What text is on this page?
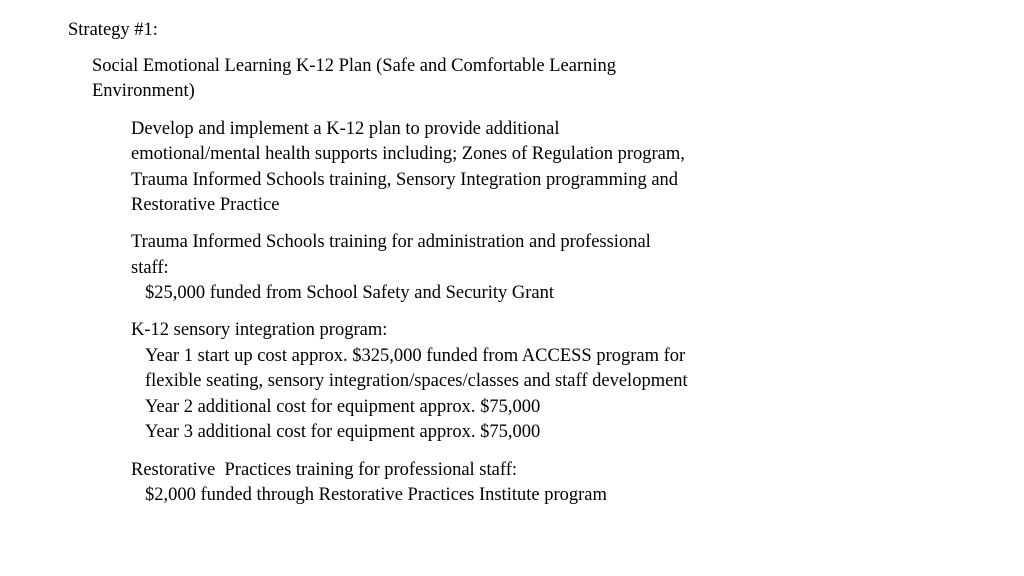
Strategy #1:

Social Emotional Learning K-12 Plan (Safe and Comfortable Learning

Environment)

Develop and implement a K-12 plan to provide additional

emotional/mental health supports including; Zones of Regulation program,

Trauma Informed Schools training, Sensory Integration programming and

Restorative Practice

Trauma Informed Schools training for administration and professional

staff:

$25,000 funded from School Safety and Security Grant

K-12 sensory integration program:

Year 1 start up cost approx. $325,000 funded from ACCESS program for

flexible seating, sensory integration/spaces/classes and staff development

Year 2 additional cost for equipment approx. $75,000

Year 3 additional cost for equipment approx. $75,000

Restorative  Practices training for professional staff:

$2,000 funded through Restorative Practices Institute program
